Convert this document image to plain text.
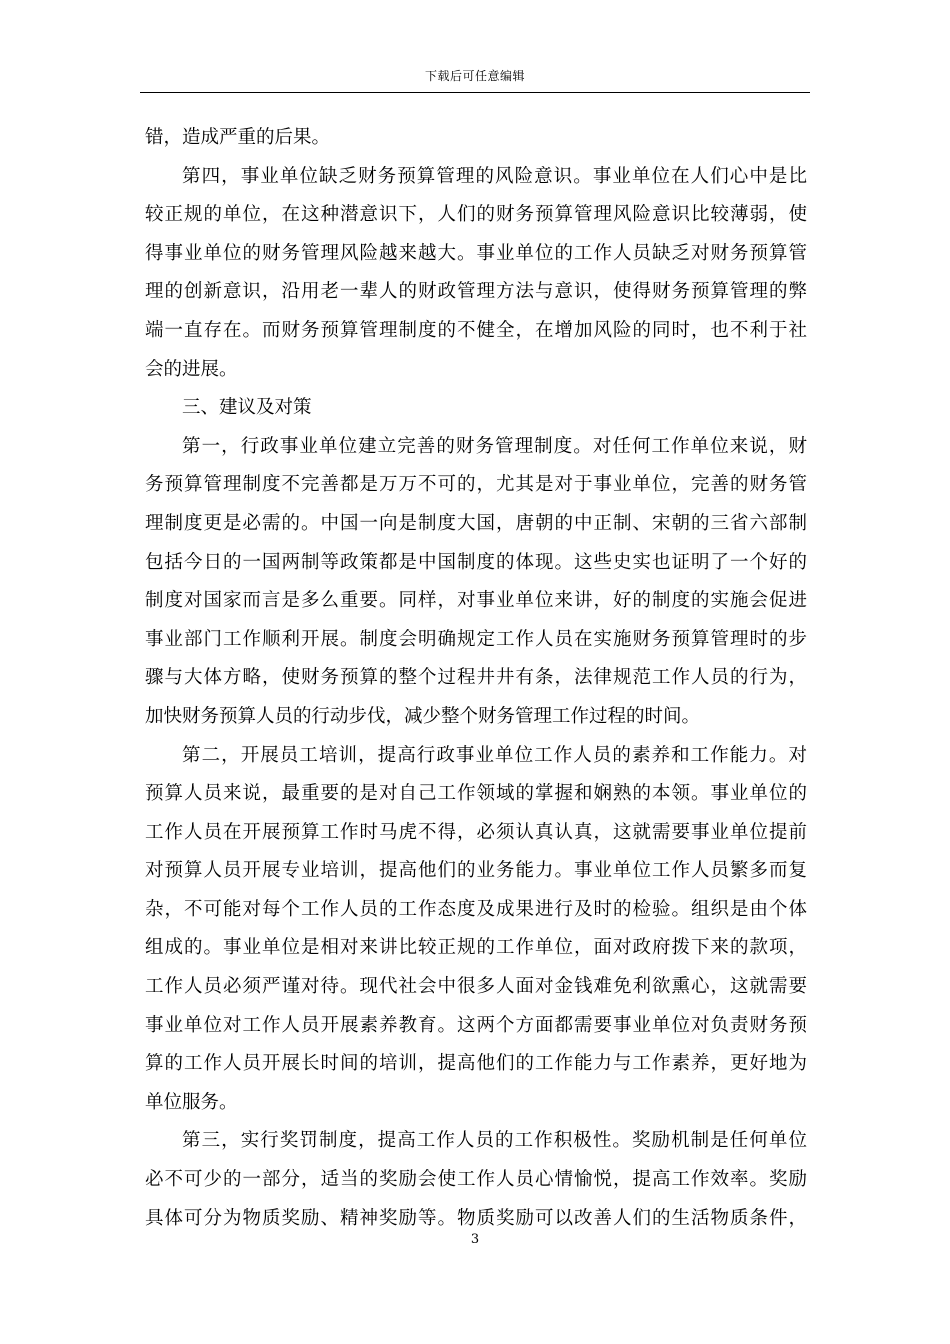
下载后可任意编辑
错，造成严重的后果。
第四，事业单位缺乏财务预算管理的风险意识。事业单位在人们心中是比
较正规的单位，在这种潜意识下，人们的财务预算管理风险意识比较薄弱，使
得事业单位的财务管理风险越来越大。事业单位的工作人员缺乏对财务预算管
理的创新意识，沿用老一辈人的财政管理方法与意识，使得财务预算管理的弊
端一直存在。而财务预算管理制度的不健全，在增加风险的同时，也不利于社
会的进展。
三、建议及对策
第一，行政事业单位建立完善的财务管理制度。对任何工作单位来说，财
务预算管理制度不完善都是万万不可的，尤其是对于事业单位，完善的财务管
理制度更是必需的。中国一向是制度大国，唐朝的中正制、宋朝的三省六部制
包括今日的一国两制等政策都是中国制度的体现。这些史实也证明了一个好的
制度对国家而言是多么重要。同样，对事业单位来讲，好的制度的实施会促进
事业部门工作顺利开展。制度会明确规定工作人员在实施财务预算管理时的步
骤与大体方略，使财务预算的整个过程井井有条，法律规范工作人员的行为，
加快财务预算人员的行动步伐，减少整个财务管理工作过程的时间。
第二，开展员工培训，提高行政事业单位工作人员的素养和工作能力。对
预算人员来说，最重要的是对自己工作领域的掌握和娴熟的本领。事业单位的
工作人员在开展预算工作时马虎不得，必须认真认真，这就需要事业单位提前
对预算人员开展专业培训，提高他们的业务能力。事业单位工作人员繁多而复
杂，不可能对每个工作人员的工作态度及成果进行及时的检验。组织是由个体
组成的。事业单位是相对来讲比较正规的工作单位，面对政府拨下来的款项，
工作人员必须严谨对待。现代社会中很多人面对金钱难免利欲熏心，这就需要
事业单位对工作人员开展素养教育。这两个方面都需要事业单位对负责财务预
算的工作人员开展长时间的培训，提高他们的工作能力与工作素养，更好地为
单位服务。
第三，实行奖罚制度，提高工作人员的工作积极性。奖励机制是任何单位
必不可少的一部分，适当的奖励会使工作人员心情愉悦，提高工作效率。奖励
具体可分为物质奖励、精神奖励等。物质奖励可以改善人们的生活物质条件，
3
